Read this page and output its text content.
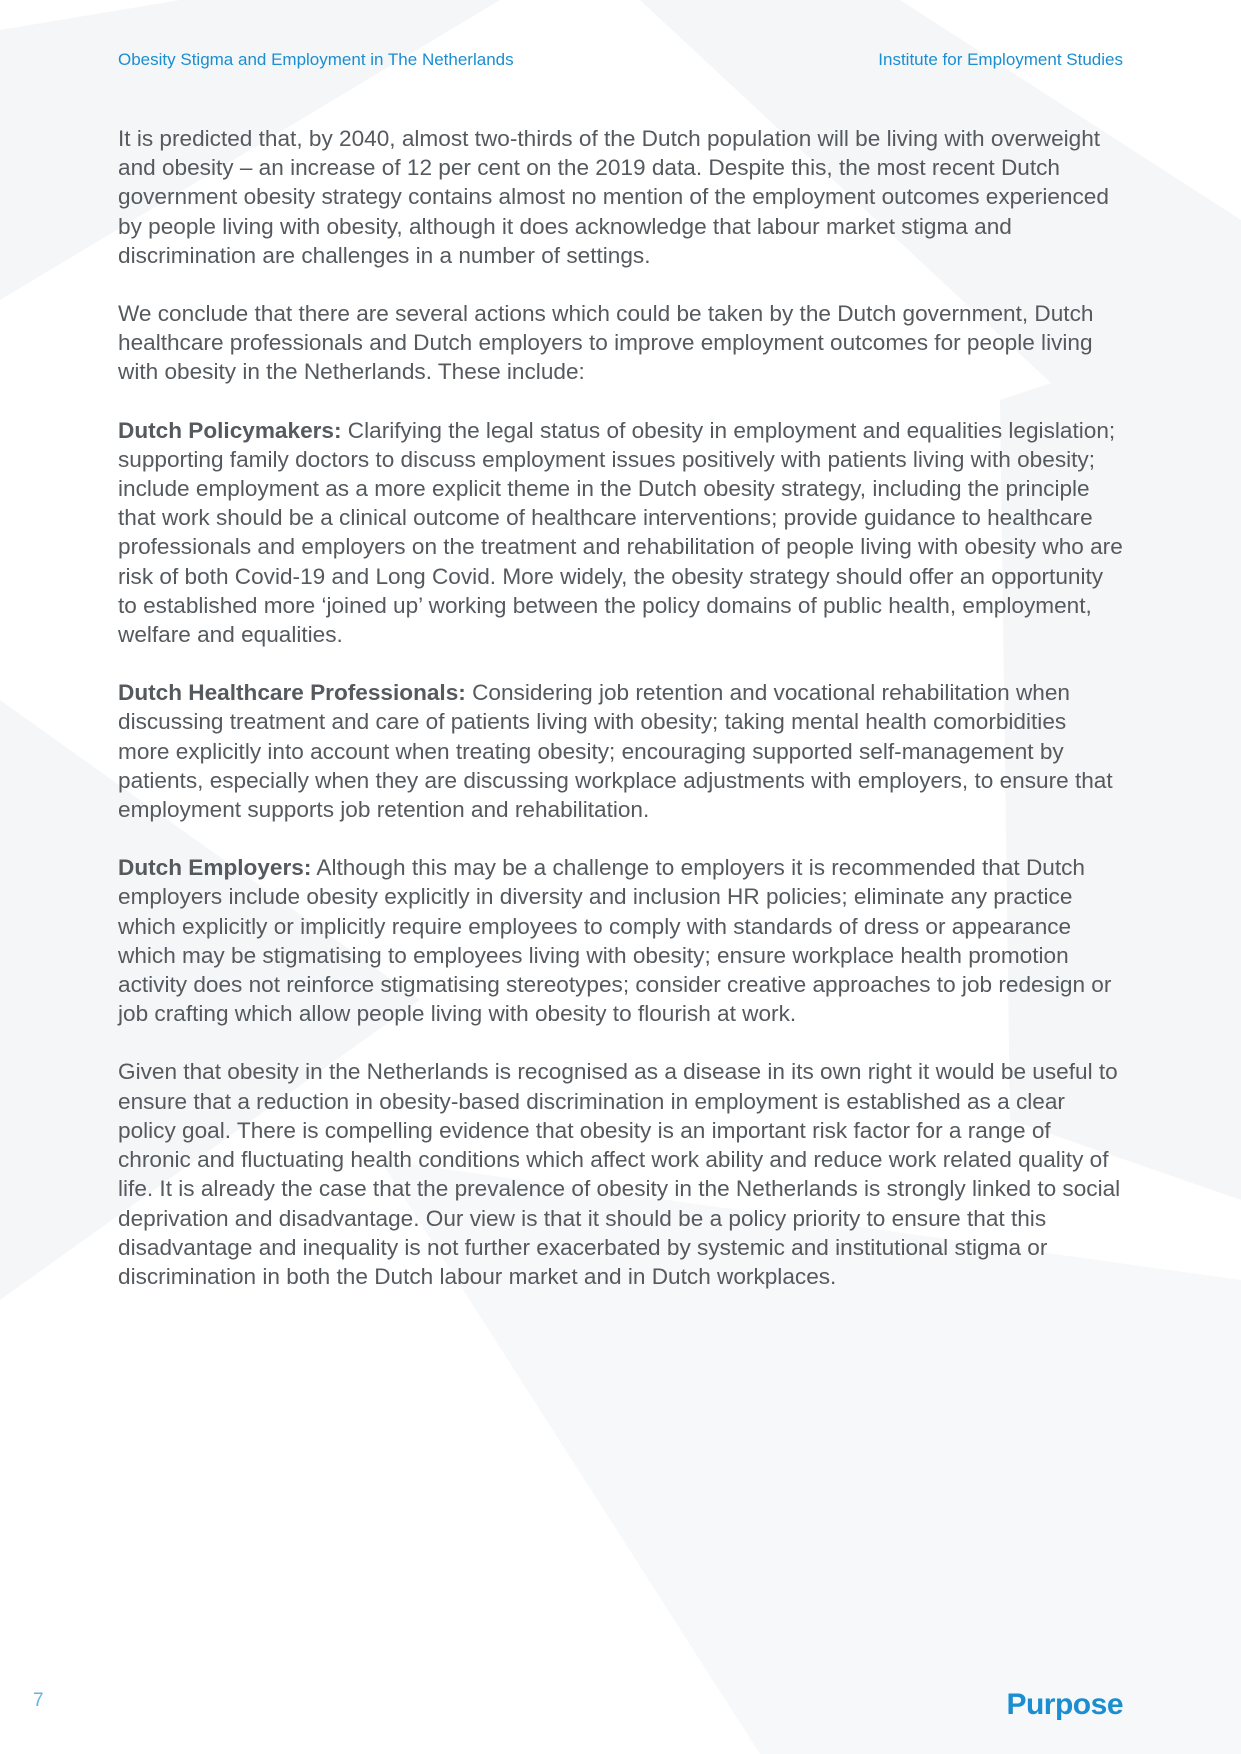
Obesity Stigma and Employment in The Netherlands	Institute for Employment Studies

It is predicted that, by 2040, almost two-thirds of the Dutch population will be living with overweight and obesity – an increase of 12 per cent on the 2019 data. Despite this, the most recent Dutch government obesity strategy contains almost no mention of the employment outcomes experienced by people living with obesity, although it does acknowledge that labour market stigma and discrimination are challenges in a number of settings.

We conclude that there are several actions which could be taken by the Dutch government, Dutch healthcare professionals and Dutch employers to improve employment outcomes for people living with obesity in the Netherlands. These include:

Dutch Policymakers: Clarifying the legal status of obesity in employment and equalities legislation; supporting family doctors to discuss employment issues positively with patients living with obesity; include employment as a more explicit theme in the Dutch obesity strategy, including the principle that work should be a clinical outcome of healthcare interventions; provide guidance to healthcare professionals and employers on the treatment and rehabilitation of people living with obesity who are risk of both Covid-19 and Long Covid. More widely, the obesity strategy should offer an opportunity to established more ‘joined up’ working between the policy domains of public health, employment, welfare and equalities.

Dutch Healthcare Professionals: Considering job retention and vocational rehabilitation when discussing treatment and care of patients living with obesity; taking mental health comorbidities more explicitly into account when treating obesity; encouraging supported self-management by patients, especially when they are discussing workplace adjustments with employers, to ensure that employment supports job retention and rehabilitation.

Dutch Employers: Although this may be a challenge to employers it is recommended that Dutch employers include obesity explicitly in diversity and inclusion HR policies; eliminate any practice which explicitly or implicitly require employees to comply with standards of dress or appearance which may be stigmatising to employees living with obesity; ensure workplace health promotion activity does not reinforce stigmatising stereotypes; consider creative approaches to job redesign or job crafting which allow people living with obesity to flourish at work.

Given that obesity in the Netherlands is recognised as a disease in its own right it would be useful to ensure that a reduction in obesity-based discrimination in employment is established as a clear policy goal. There is compelling evidence that obesity is an important risk factor for a range of chronic and fluctuating health conditions which affect work ability and reduce work related quality of life. It is already the case that the prevalence of obesity in the Netherlands is strongly linked to social deprivation and disadvantage. Our view is that it should be a policy priority to ensure that this disadvantage and inequality is not further exacerbated by systemic and institutional stigma or discrimination in both the Dutch labour market and in Dutch workplaces.

7	Purpose
